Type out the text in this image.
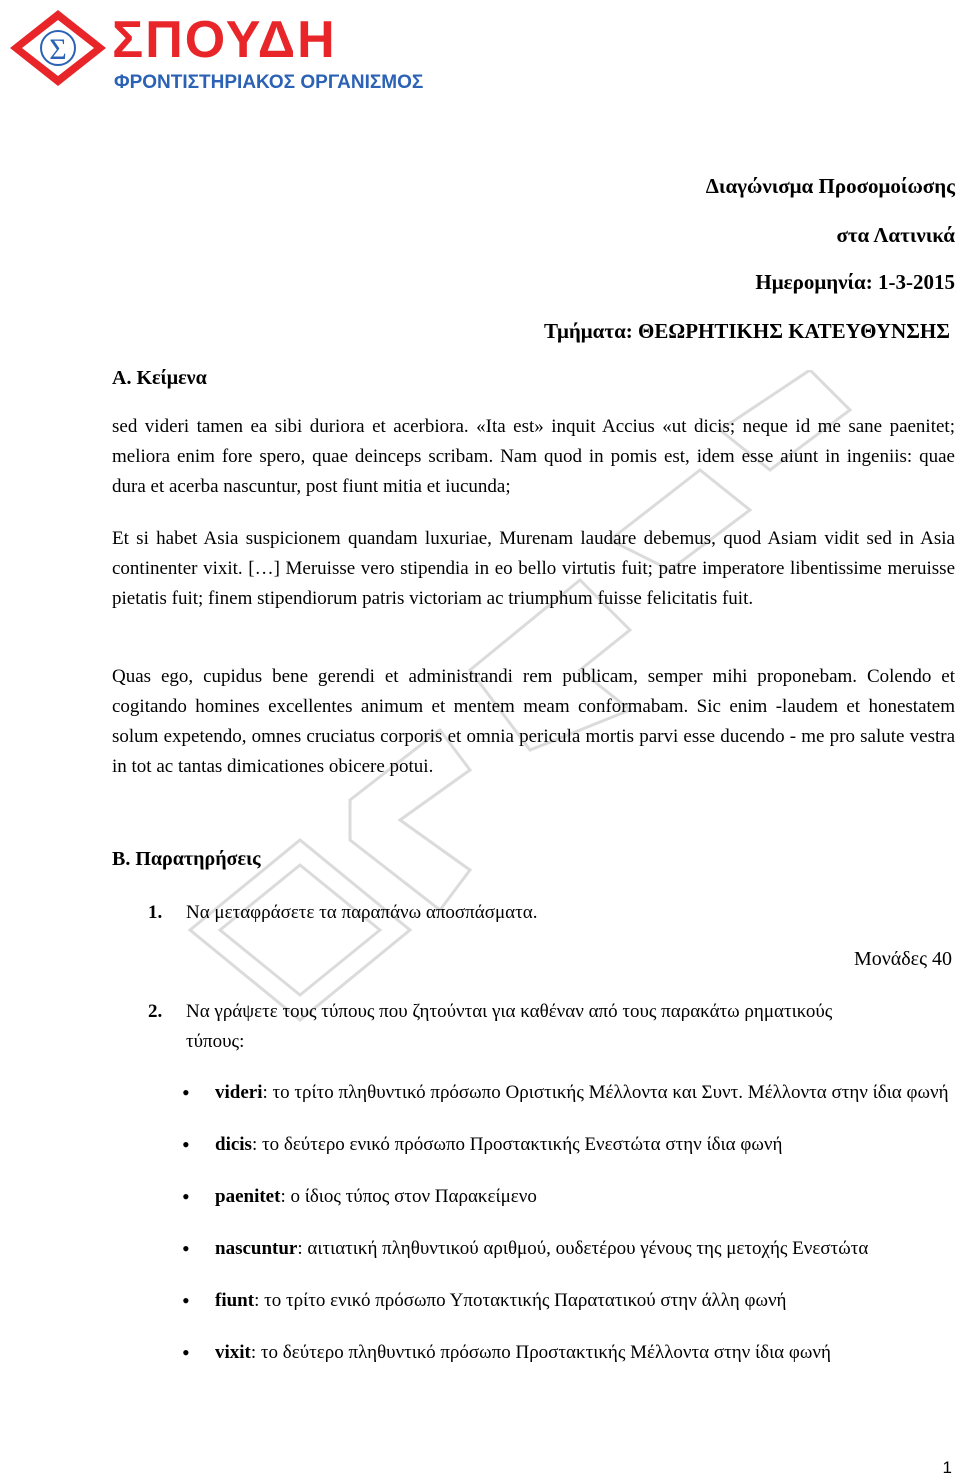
Σ ΣΠΟΥΔΗ
ΦΡΟΝΤΙΣΤΗΡΙΑΚΟΣ ΟΡΓΑΝΙΣΜΟΣ
Διαγώνισμα Προσομοίωσης
στα Λατινικά
Ημερομηνία: 1-3-2015
Τμήματα: ΘΕΩΡΗΤΙΚΗΣ ΚΑΤΕΥΘΥΝΣΗΣ
Α. Κείμενα
sed videri tamen ea sibi duriora et acerbiora. «Ita est» inquit Accius «ut dicis; neque id me sane paenitet; meliora enim fore spero, quae deinceps scribam. Nam quod in pomis est, idem esse aiunt in ingeniis: quae dura et acerba nascuntur, post fiunt mitia et iucunda;
Et si habet Asia suspicionem quandam luxuriae, Murenam laudare debemus, quod Asiam vidit sed in Asia continenter vixit. […] Meruisse vero stipendia in eo bello virtutis fuit; patre imperatore libentissime meruisse pietatis fuit; finem stipendiorum patris victoriam ac triumphum fuisse felicitatis fuit.
Quas ego, cupidus bene gerendi et administrandi rem publicam, semper mihi proponebam. Colendo et cogitando homines excellentes animum et mentem meam conformabam. Sic enim -laudem et honestatem solum expetendo, omnes cruciatus corporis et omnia pericula mortis parvi esse ducendo - me pro salute vestra in tot ac tantas dimicationes obicere potui.
Β. Παρατηρήσεις
1. Να μεταφράσετε τα παραπάνω αποσπάσματα.
Μονάδες 40
2. Να γράψετε τους τύπους που ζητούνται για καθέναν από τους παρακάτω ρηματικούς
τύπους:
• videri: το τρίτο πληθυντικό πρόσωπο Οριστικής Μέλλοντα και Συντ. Μέλλοντα στην ίδια φωνή
• dicis: το δεύτερο ενικό πρόσωπο Προστακτικής Ενεστώτα στην ίδια φωνή
• paenitet: ο ίδιος τύπος στον Παρακείμενο
• nascuntur: αιτιατική πληθυντικού αριθμού, ουδετέρου γένους της μετοχής Ενεστώτα
• fiunt: το τρίτο ενικό πρόσωπο Υποτακτικής Παρατατικού στην άλλη φωνή
• vixit: το δεύτερο πληθυντικό πρόσωπο Προστακτικής Μέλλοντα στην ίδια φωνή
1
